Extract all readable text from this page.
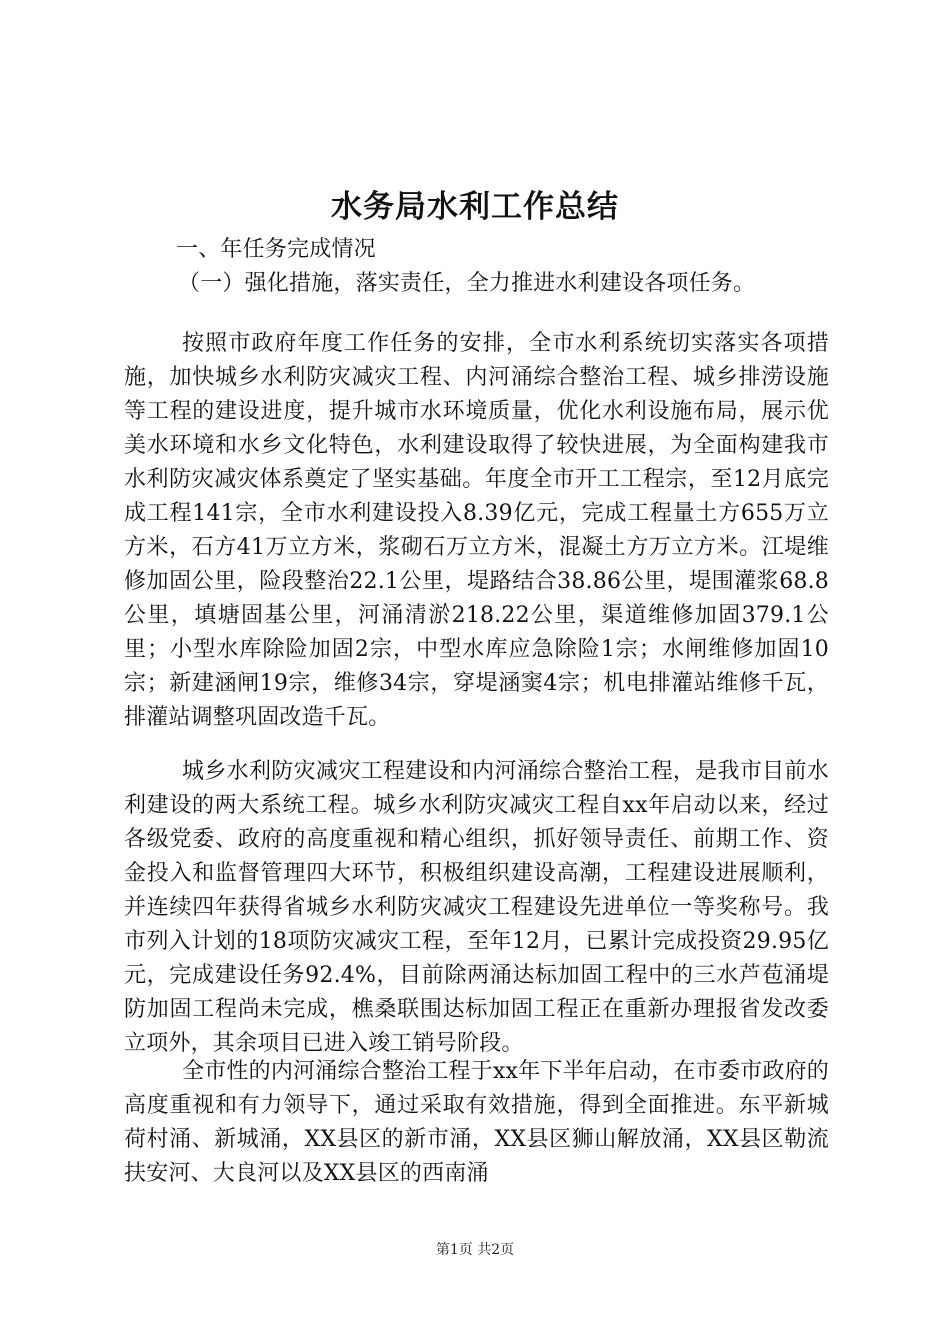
水务局水利工作总结
一、年任务完成情况
（一）强化措施，落实责任，全力推进水利建设各项任务。
按照市政府年度工作任务的安排，全市水利系统切实落实各项措施，加快城乡水利防灾减灾工程、内河涌综合整治工程、城乡排涝设施等工程的建设进度，提升城市水环境质量，优化水利设施布局，展示优美水环境和水乡文化特色，水利建设取得了较快进展，为全面构建我市水利防灾减灾体系奠定了坚实基础。年度全市开工工程宗，至12月底完成工程141宗，全市水利建设投入8.39亿元，完成工程量土方655万立方米，石方41万立方米，浆砌石万立方米，混凝土方万立方米。江堤维修加固公里，险段整治22.1公里，堤路结合38.86公里，堤围灌浆68.8公里，填塘固基公里，河涌清淤218.22公里，渠道维修加固379.1公里；小型水库除险加固2宗，中型水库应急除险1宗；水闸维修加固10宗；新建涵闸19宗，维修34宗，穿堤涵窦4宗；机电排灌站维修千瓦，排灌站调整巩固改造千瓦。
城乡水利防灾减灾工程建设和内河涌综合整治工程，是我市目前水利建设的两大系统工程。城乡水利防灾减灾工程自xx年启动以来，经过各级党委、政府的高度重视和精心组织，抓好领导责任、前期工作、资金投入和监督管理四大环节，积极组织建设高潮，工程建设进展顺利，并连续四年获得省城乡水利防灾减灾工程建设先进单位一等奖称号。我市列入计划的18项防灾减灾工程，至年12月，已累计完成投资29.95亿元，完成建设任务92.4%，目前除两涌达标加固工程中的三水芦苞涌堤防加固工程尚未完成，樵桑联围达标加固工程正在重新办理报省发改委立项外，其余项目已进入竣工销号阶段。
全市性的内河涌综合整治工程于xx年下半年启动，在市委市政府的高度重视和有力领导下，通过采取有效措施，得到全面推进。东平新城荷村涌、新城涌，XX县区的新市涌，XX县区狮山解放涌，XX县区勒流扶安河、大良河以及XX县区的西南涌
第1页 共2页
